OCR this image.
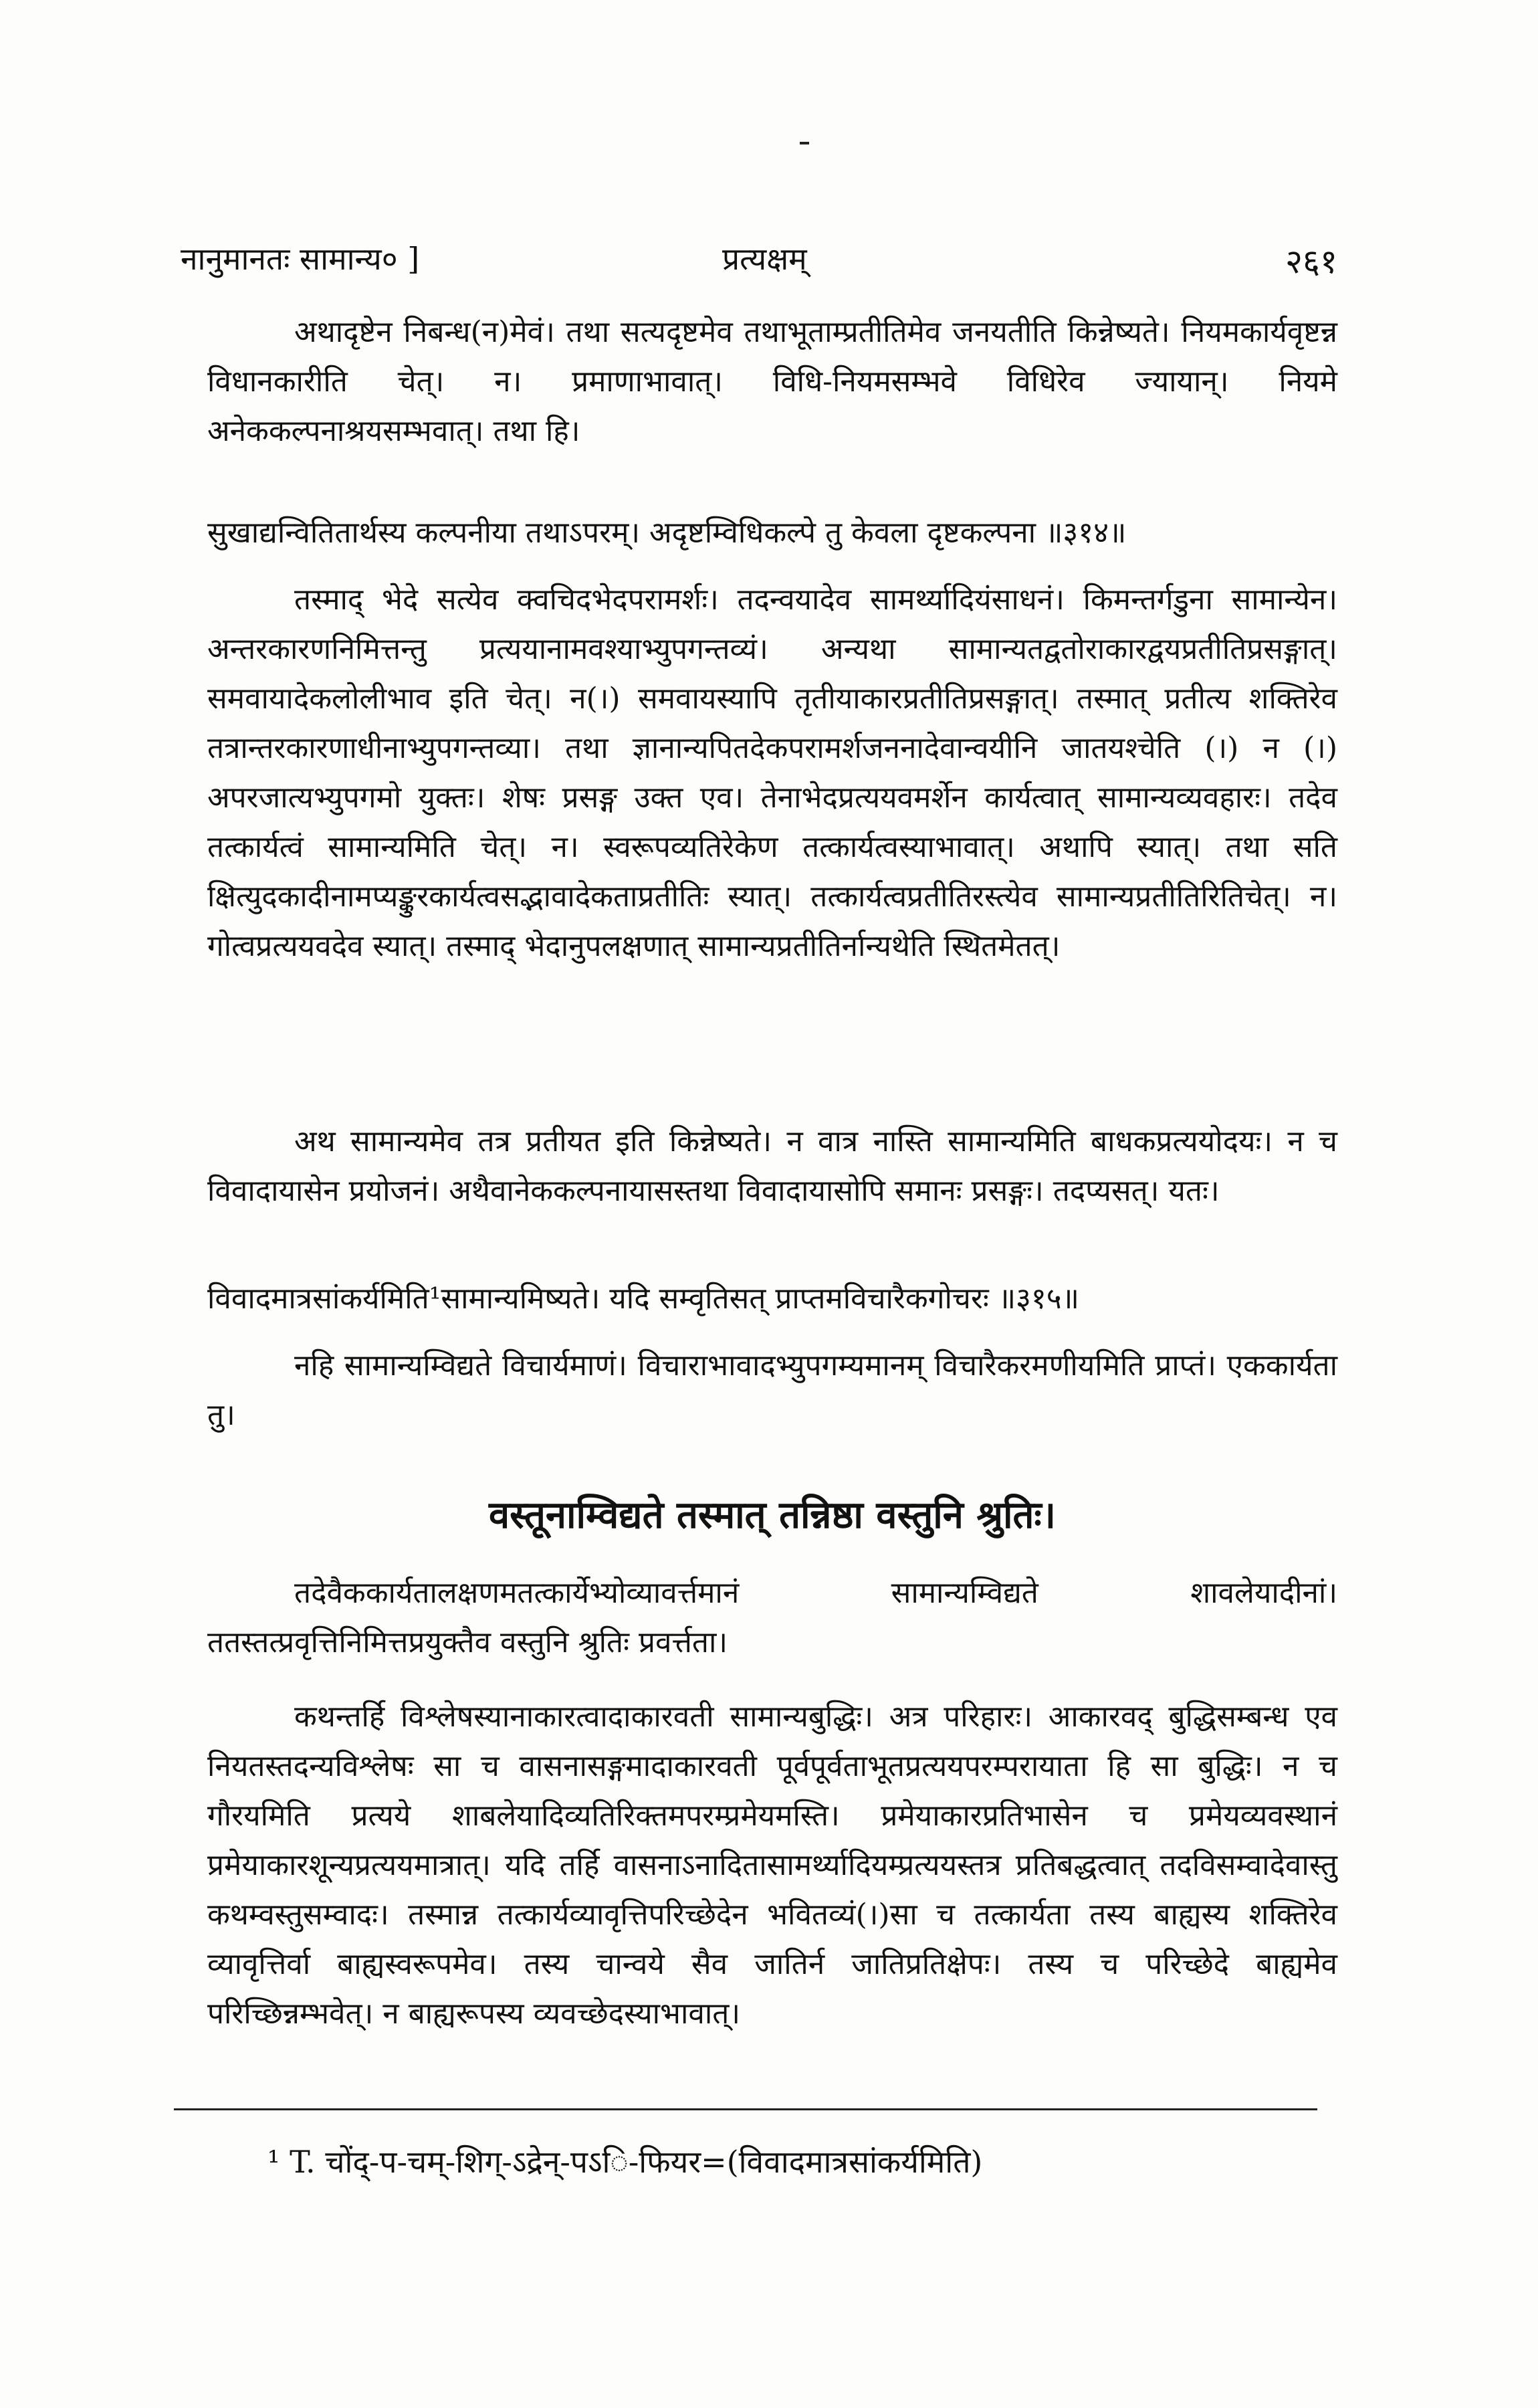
नानुमानतः सामान्य० ]	प्रत्यक्षम्	२६१

अथादृष्टेन निबन्ध(न)मेवं। तथा सत्यदृष्टमेव तथाभूताम्प्रतीतिमेव जनयतीति किन्नेष्यते। नियमकार्यवृष्टन्न विधानकारीति चेत्। न। प्रमाणाभावात्। विधि-नियमसम्भवे विधिरेव ज्यायान्। नियमे अनेककल्पनाश्रयसम्भवात्। तथा हि।

सुखाद्यन्वितितार्थस्य कल्पनीया तथाऽपरम्। अदृष्टम्विधिकल्पे तु केवला दृष्टकल्पना ॥३१४॥

तस्माद् भेदे सत्येव क्वचिदभेदपरामर्शः। तदन्वयादेव सामर्थ्यादियंसाधनं। किमन्तर्गडुना सामान्येन। अन्तरकारणनिमित्तन्तु प्रत्ययानामवश्याभ्युपगन्तव्यं। अन्यथा सामान्यतद्वतोराकारद्वयप्रतीतिप्रसङ्गात्। समवायादेकलोलीभाव इति चेत्। न(।) समवायस्यापि तृतीयाकारप्रतीतिप्रसङ्गात्। तस्मात् प्रतीत्य शक्तिरेव तत्रान्तरकारणाधीनाभ्युपगन्तव्या। तथा ज्ञानान्यपितदेकपरामर्शजननादेवान्वयीनि जातयश्चेति (।) न (।) अपरजात्यभ्युपगमो युक्तः। शेषः प्रसङ्ग उक्त एव। तेनाभेदप्रत्ययवमर्शेन कार्यत्वात् सामान्यव्यवहारः। तदेव तत्कार्यत्वं सामान्यमिति चेत्। न। स्वरूपव्यतिरेकेण तत्कार्यत्वस्याभावात्। अथापि स्यात्। तथा सति क्षित्युदकादीनामप्यङ्कुरकार्यत्वसद्भावादेकताप्रतीतिः स्यात्। तत्कार्यत्वप्रतीतिरस्त्येव सामान्यप्रतीतिरितिचेत्। न। गोत्वप्रत्ययवदेव स्यात्। तस्माद् भेदानुपलक्षणात् सामान्यप्रतीतिर्नान्यथेति स्थितमेतत्।

अथ सामान्यमेव तत्र प्रतीयत इति किन्नेष्यते। न वात्र नास्ति सामान्यमिति बाधकप्रत्ययोदयः। न च विवादायासेन प्रयोजनं। अथैवानेककल्पनायासस्तथा विवादायासोपि समानः प्रसङ्गः। तदप्यसत्। यतः।

विवादमात्रसांकर्यमिति¹सामान्यमिष्यते। यदि सम्वृतिसत् प्राप्तमविचारैकगोचरः ॥३१५॥

नहि सामान्यम्विद्यते विचार्यमाणं। विचाराभावादभ्युपगम्यमानम् विचारैकरमणीयमिति प्राप्तं। एककार्यता तु।

वस्तूनाम्विद्यते तस्मात् तन्निष्ठा वस्तुनि श्रुतिः।

तदेवैककार्यतालक्षणमतत्कार्येभ्योव्यावर्त्तमानं सामान्यम्विद्यते शावलेयादीनां। ततस्तत्प्रवृत्तिनिमित्तप्रयुक्तैव वस्तुनि श्रुतिः प्रवर्त्तता।

कथन्तर्हि विश्लेषस्यानाकारत्वादाकारवती सामान्यबुद्धिः। अत्र परिहारः। आकारवद् बुद्धिसम्बन्ध एव नियतस्तदन्यविश्लेषः सा च वासनासङ्गमादाकारवती पूर्वपूर्वताभूतप्रत्ययपरम्परायाता हि सा बुद्धिः। न च गौरयमिति प्रत्यये शाबलेयादिव्यतिरिक्तमपरम्प्रमेयमस्ति। प्रमेयाकारप्रतिभासेन च प्रमेयव्यवस्थानं प्रमेयाकारशून्यप्रत्ययमात्रात्। यदि तर्हि वासनाऽनादितासामर्थ्यादियम्प्रत्ययस्तत्र प्रतिबद्धत्वात् तदविसम्वादेवास्तु कथम्वस्तुसम्वादः। तस्मान्न तत्कार्यव्यावृत्तिपरिच्छेदेन भवितव्यं(।)सा च तत्कार्यता तस्य बाह्यस्य शक्तिरेव व्यावृत्तिर्वा बाह्यस्वरूपमेव। तस्य चान्वये सैव जातिर्न जातिप्रतिक्षेपः। तस्य च परिच्छेदे बाह्यमेव परिच्छिन्नम्भवेत्। न बाह्यरूपस्य व्यवच्छेदस्याभावात्।

¹ T. चोंद्-प-चम्-शिग्-ऽद्रेन्-पऽि-फियर=(विवादमात्रसांकर्यमिति)
